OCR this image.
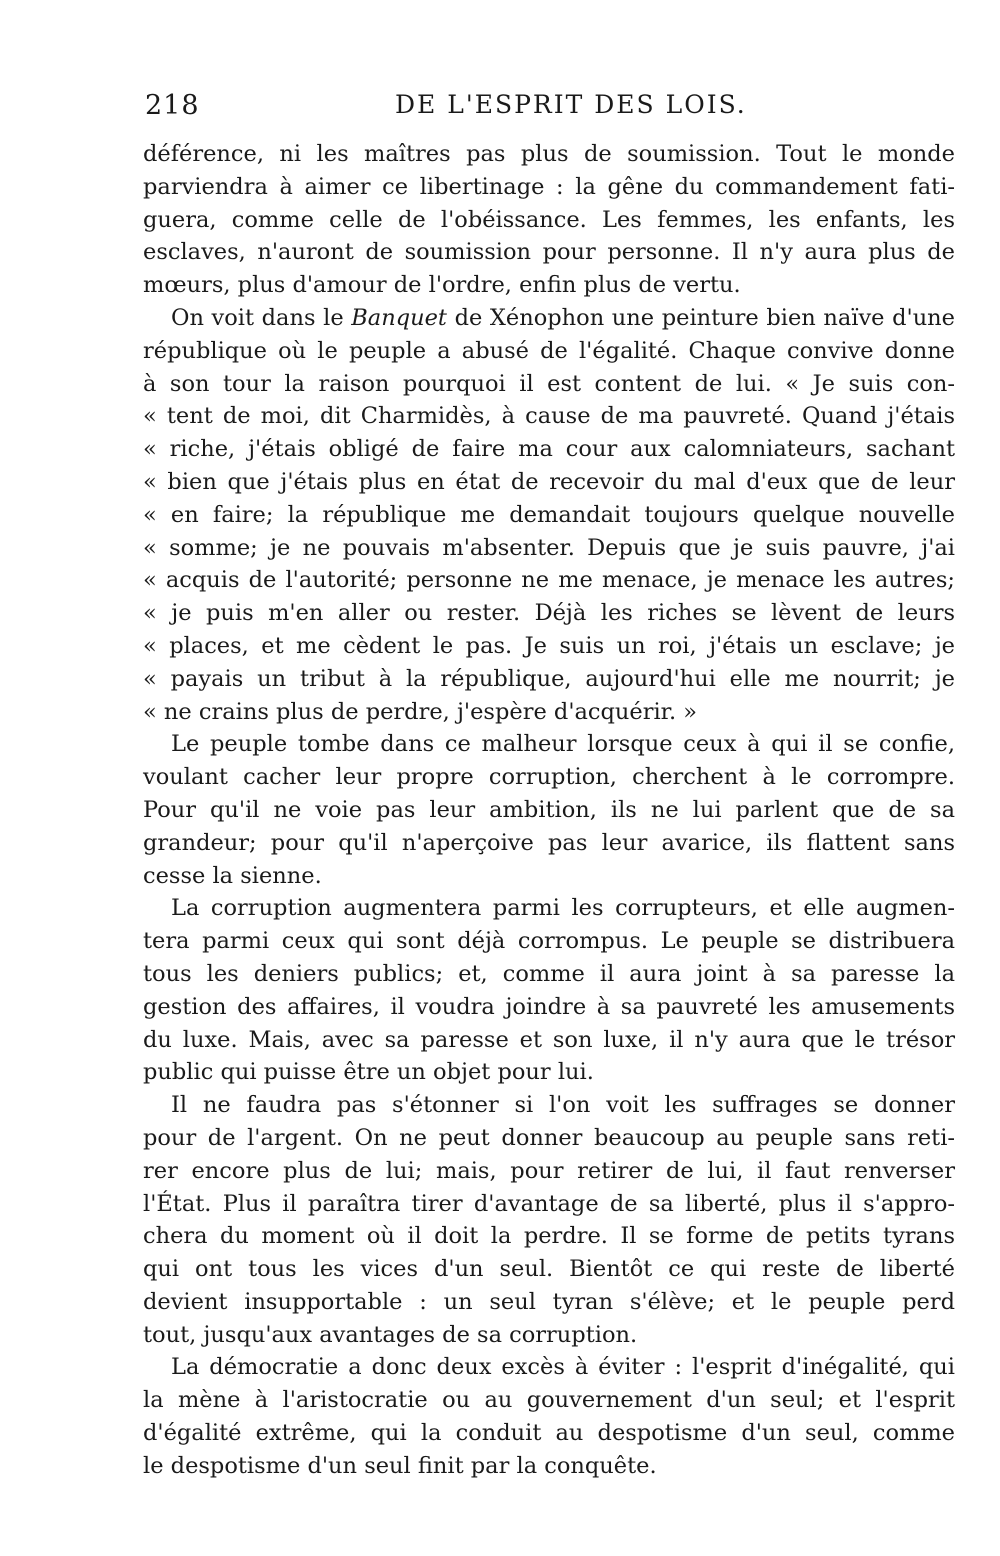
218	DE L'ESPRIT DES LOIS.
déférence, ni les maîtres pas plus de soumission. Tout le monde
parviendra à aimer ce libertinage : la gêne du commandement fati-
guera, comme celle de l'obéissance. Les femmes, les enfants, les
esclaves, n'auront de soumission pour personne. Il n'y aura plus de
mœurs, plus d'amour de l'ordre, enfin plus de vertu.
On voit dans le Banquet de Xénophon une peinture bien naïve d'une
république où le peuple a abusé de l'égalité. Chaque convive donne
à son tour la raison pourquoi il est content de lui. « Je suis con-
« tent de moi, dit Charmidès, à cause de ma pauvreté. Quand j'étais
« riche, j'étais obligé de faire ma cour aux calomniateurs, sachant
« bien que j'étais plus en état de recevoir du mal d'eux que de leur
« en faire; la république me demandait toujours quelque nouvelle
« somme; je ne pouvais m'absenter. Depuis que je suis pauvre, j'ai
« acquis de l'autorité; personne ne me menace, je menace les autres;
« je puis m'en aller ou rester. Déjà les riches se lèvent de leurs
« places, et me cèdent le pas. Je suis un roi, j'étais un esclave; je
« payais un tribut à la république, aujourd'hui elle me nourrit; je
« ne crains plus de perdre, j'espère d'acquérir. »
Le peuple tombe dans ce malheur lorsque ceux à qui il se confie,
voulant cacher leur propre corruption, cherchent à le corrompre.
Pour qu'il ne voie pas leur ambition, ils ne lui parlent que de sa
grandeur; pour qu'il n'aperçoive pas leur avarice, ils flattent sans
cesse la sienne.
La corruption augmentera parmi les corrupteurs, et elle augmen-
tera parmi ceux qui sont déjà corrompus. Le peuple se distribuera
tous les deniers publics; et, comme il aura joint à sa paresse la
gestion des affaires, il voudra joindre à sa pauvreté les amusements
du luxe. Mais, avec sa paresse et son luxe, il n'y aura que le trésor
public qui puisse être un objet pour lui.
Il ne faudra pas s'étonner si l'on voit les suffrages se donner
pour de l'argent. On ne peut donner beaucoup au peuple sans reti-
rer encore plus de lui; mais, pour retirer de lui, il faut renverser
l'État. Plus il paraîtra tirer d'avantage de sa liberté, plus il s'appro-
chera du moment où il doit la perdre. Il se forme de petits tyrans
qui ont tous les vices d'un seul. Bientôt ce qui reste de liberté
devient insupportable : un seul tyran s'élève; et le peuple perd
tout, jusqu'aux avantages de sa corruption.
La démocratie a donc deux excès à éviter : l'esprit d'inégalité, qui
la mène à l'aristocratie ou au gouvernement d'un seul; et l'esprit
d'égalité extrême, qui la conduit au despotisme d'un seul, comme
le despotisme d'un seul finit par la conquête.
